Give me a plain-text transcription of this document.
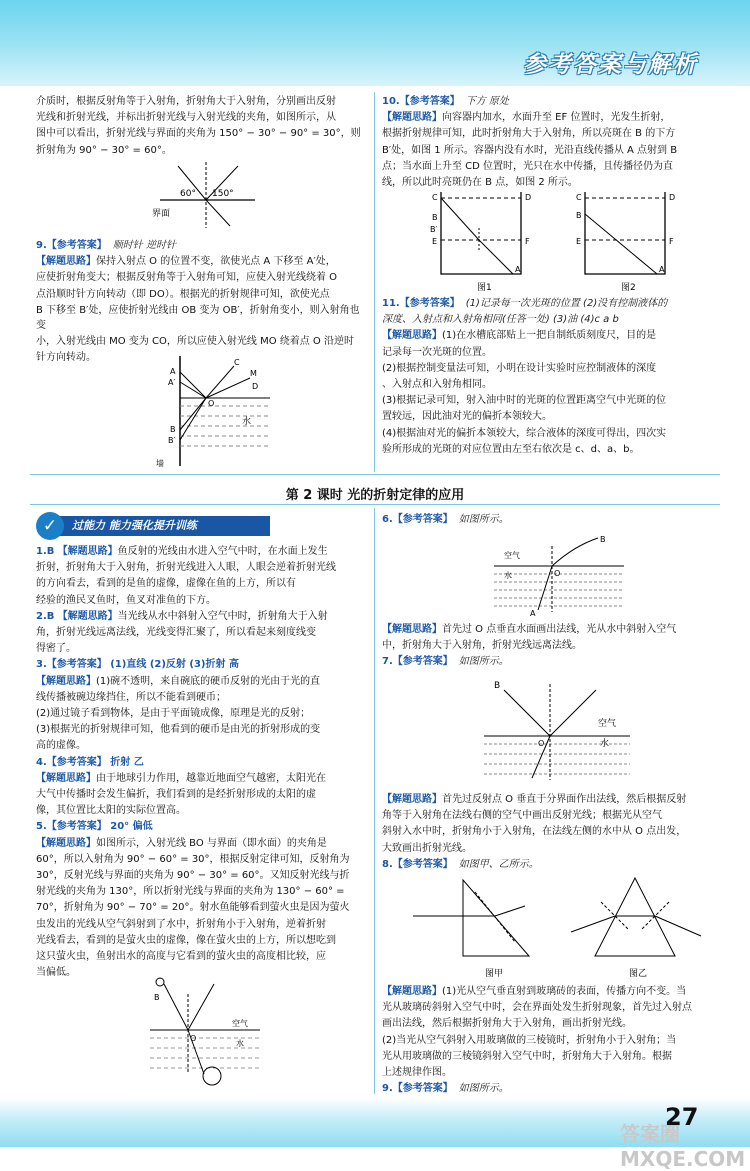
参考答案与解析

介质时，根据反射角等于入射角，折射角大于入射角，分别画出反射

光线和折射光线，并标出折射光线与入射光线的夹角，如图所示，从

图中可以看出，折射光线与界面的夹角为 150° − 30° − 90° = 30°，则

折射角为 90° − 30° = 60°。

60° 150°
界面

9.【参考答案】 顺时针 逆时针

【解题思路】保持入射点 O 的位置不变，欲使光点 A 下移至 A′处，

应使折射角变大；根据反射角等于入射角可知，应使入射光线绕着 O

点沿顺时针方向转动（即 DO）。根据光的折射规律可知，欲使光点

B 下移至 B′处，应使折射光线由 OB 变为 OB′，折射角变小，则入射角也变

小，入射光线由 MO 变为 CO，所以应使入射光线 MO 绕着点 O 沿逆时

针方向转动。

A
A′
C
M
D
O
B
B′
水
墙

10.【参考答案】 下方 原处

【解题思路】向容器内加水，水面升至 EF 位置时，光发生折射，

根据折射规律可知，此时折射角大于入射角，所以亮斑在 B 的下方

B′处，如图 1 所示。容器内没有水时，光沿直线传播从 A 点射到 B

点；当水面上升至 CD 位置时，光只在水中传播，且传播径仍为直

线，所以此时亮斑仍在 B 点，如图 2 所示。

C	D
B
B′
E	F
A
图1
C	D
B
E	F
A
图2

11.【参考答案】 (1)记录每一次光斑的位置 (2)没有控制液体的

深度、入射点和入射角相同(任答一处) (3)油 (4)c a b

【解题思路】(1)在水槽底部贴上一把自制纸质刻度尺，目的是

记录每一次光斑的位置。

(2)根据控制变量法可知，小明在设计实验时应控制液体的深度

、入射点和入射角相同。

(3)根据记录可知，射入油中时的光斑的位置距离空气中光斑的位

置较远，因此油对光的偏折本领较大。

(4)根据油对光的偏折本领较大，综合液体的深度可得出，四次实

验所形成的光斑的对应位置由左至右依次是 c、d、a、b。

第 2 课时 光的折射定律的应用
过能力 能力强化提升训练
✓

1.B 【解题思路】鱼反射的光线由水进入空气中时，在水面上发生

折射，折射角大于入射角，折射光线进入人眼，人眼会逆着折射光线

的方向看去，看到的是鱼的虚像，虚像在鱼的上方，所以有

经验的渔民叉鱼时，鱼叉对准鱼的下方。

2.B 【解题思路】当光线从水中斜射入空气中时，折射角大于入射

角，折射光线远离法线，光线变得汇聚了，所以看起来刻度线变

得密了。

3.【参考答案】 (1)直线 (2)反射 (3)折射 高

【解题思路】(1)碗不透明，来自碗底的硬币反射的光由于光的直

线传播被碗边缘挡住，所以不能看到硬币；

(2)通过镜子看到物体，是由于平面镜成像，原理是光的反射；

(3)根据光的折射规律可知，他看到的硬币是由光的折射形成的变

高的虚像。

4.【参考答案】 折射 乙

【解题思路】由于地球引力作用，越靠近地面空气越密，太阳光在

大气中传播时会发生偏折，我们看到的是经折射形成的太阳的虚

像，其位置比太阳的实际位置高。

5.【参考答案】 20° 偏低

【解题思路】如图所示，入射光线 BO 与界面（即水面）的夹角是

60°，所以入射角为 90° − 60° = 30°，根据反射定律可知，反射角为

30°，反射光线与界面的夹角为 90° − 30° = 60°。又知反射光线与折

射光线的夹角为 130°，所以折射光线与界面的夹角为 130° − 60° =

70°，折射角为 90° − 70° = 20°。射水鱼能够看到萤火虫是因为萤火

虫发出的光线从空气斜射到了水中，折射角小于入射角，逆着折射

光线看去，看到的是萤火虫的虚像，像在萤火虫的上方，所以想吃到

这只萤火虫，鱼射出水的高度与它看到的萤火虫的高度相比较，应

当偏低。

B
O
空气
水

6.【参考答案】 如图所示。

空气
水
B
A
O

【解题思路】首先过 O 点垂直水面画出法线，光从水中斜射入空气

中，折射角大于入射角，折射光线远离法线。

7.【参考答案】 如图所示。

B
O
空气
水

【解题思路】首先过反射点 O 垂直于分界面作出法线，然后根据反射

角等于入射角在法线右侧的空气中画出反射光线；根据光从空气

斜射入水中时，折射角小于入射角，在法线左侧的水中从 O 点出发，

大致画出折射光线。

8.【参考答案】 如图甲、乙所示。

图甲	图乙

【解题思路】(1)光从空气垂直射到玻璃砖的表面，传播方向不变。当

光从玻璃砖斜射入空气中时，会在界面处发生折射现象，首先过入射点

画出法线，然后根据折射角大于入射角，画出折射光线。

(2)当光从空气斜射入用玻璃做的三棱镜时，折射角小于入射角；当

光从用玻璃做的三棱镜斜射入空气中时，折射角大于入射角。根据

上述规律作图。

9.【参考答案】 如图所示。

答案圈 MXQE.COM
27
